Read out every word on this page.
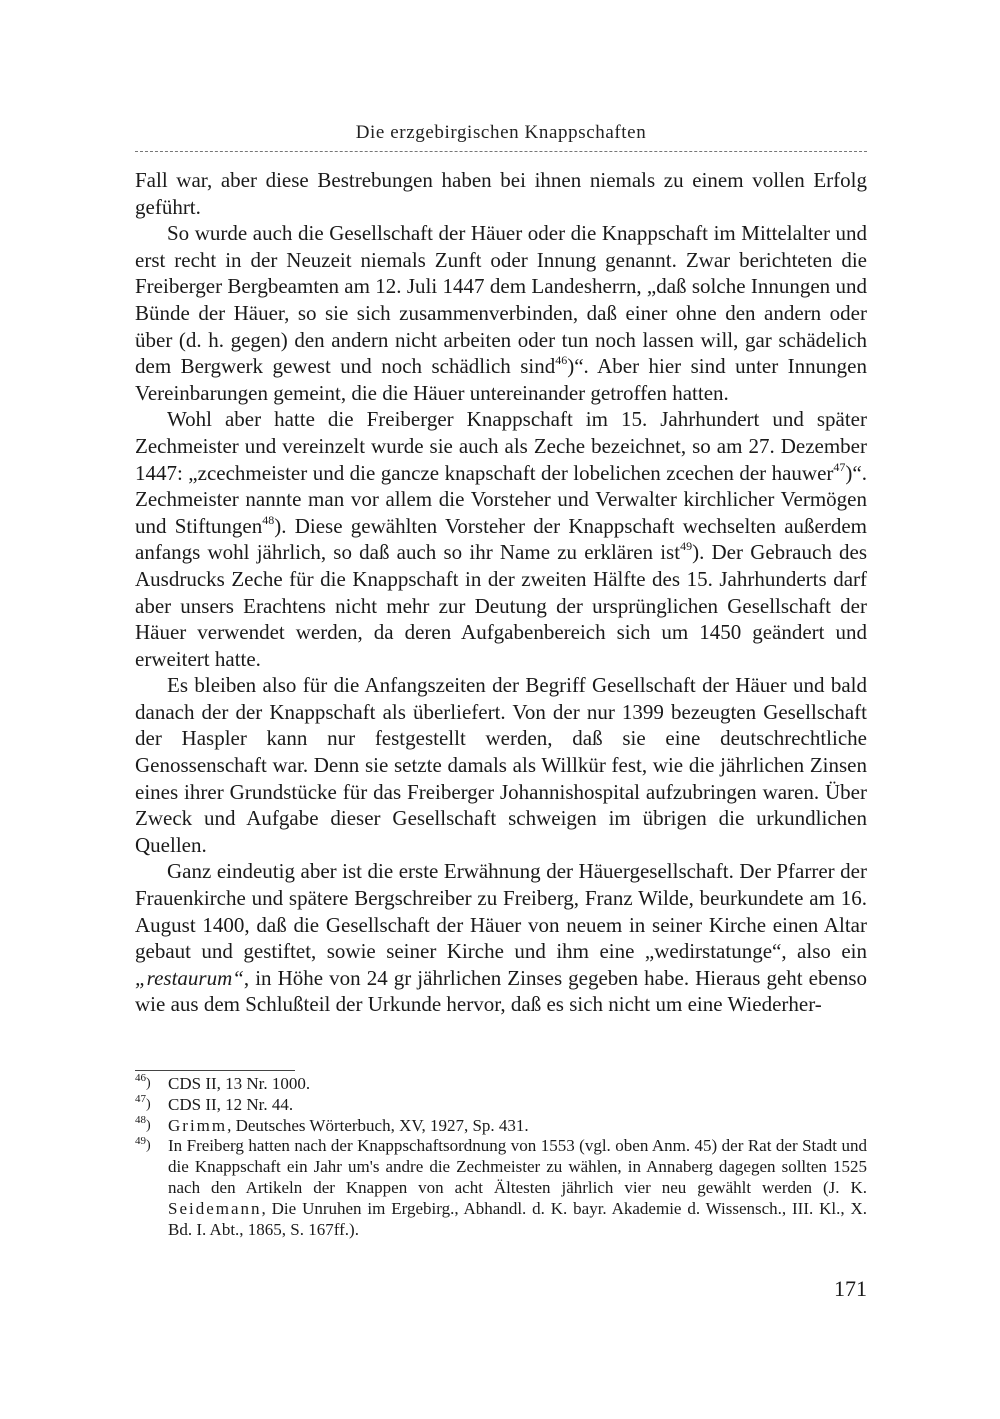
Die erzgebirgischen Knappschaften

Fall war, aber diese Bestrebungen haben bei ihnen niemals zu einem vollen Erfolg geführt.

So wurde auch die Gesellschaft der Häuer oder die Knappschaft im Mittelalter und erst recht in der Neuzeit niemals Zunft oder Innung genannt. Zwar berichteten die Freiberger Bergbeamten am 12. Juli 1447 dem Landesherrn, „daß solche Innungen und Bünde der Häuer, so sie sich zusammenverbinden, daß einer ohne den andern oder über (d. h. gegen) den andern nicht arbeiten oder tun noch lassen will, gar schädelich dem Bergwerk gewest und noch schädlich sind$^{46}$)“. Aber hier sind unter Innungen Vereinbarungen gemeint, die die Häuer untereinander getroffen hatten.

Wohl aber hatte die Freiberger Knappschaft im 15. Jahrhundert und später Zechmeister und vereinzelt wurde sie auch als Zeche bezeichnet, so am 27. Dezember 1447: „zcechmeister und die gancze knapschaft der lobelichen zcechen der hauwer$^{47}$)“. Zechmeister nannte man vor allem die Vorsteher und Verwalter kirchlicher Vermögen und Stiftungen$^{48}$). Diese gewählten Vorsteher der Knappschaft wechselten außerdem anfangs wohl jährlich, so daß auch so ihr Name zu erklären ist$^{49}$). Der Gebrauch des Ausdrucks Zeche für die Knappschaft in der zweiten Hälfte des 15. Jahrhunderts darf aber unsers Erachtens nicht mehr zur Deutung der ursprünglichen Gesellschaft der Häuer verwendet werden, da deren Aufgabenbereich sich um 1450 geändert und erweitert hatte.

Es bleiben also für die Anfangszeiten der Begriff Gesellschaft der Häuer und bald danach der der Knappschaft als überliefert. Von der nur 1399 bezeugten Gesellschaft der Haspler kann nur festgestellt werden, daß sie eine deutschrechtliche Genossenschaft war. Denn sie setzte damals als Willkür fest, wie die jährlichen Zinsen eines ihrer Grundstücke für das Freiberger Johannishospital aufzubringen waren. Über Zweck und Aufgabe dieser Gesellschaft schweigen im übrigen die urkundlichen Quellen.

Ganz eindeutig aber ist die erste Erwähnung der Häuergesellschaft. Der Pfarrer der Frauenkirche und spätere Bergschreiber zu Freiberg, Franz Wilde, beurkundete am 16. August 1400, daß die Gesellschaft der Häuer von neuem in seiner Kirche einen Altar gebaut und gestiftet, sowie seiner Kirche und ihm eine „wedirstatunge“, also ein „restaurum“, in Höhe von 24 gr jährlichen Zinses gegeben habe. Hieraus geht ebenso wie aus dem Schlußteil der Urkunde hervor, daß es sich nicht um eine Wiederher-

$^{46}$) CDS II, 13 Nr. 1000.
$^{47}$) CDS II, 12 Nr. 44.
$^{48}$) Grimm, Deutsches Wörterbuch, XV, 1927, Sp. 431.
$^{49}$) In Freiberg hatten nach der Knappschaftsordnung von 1553 (vgl. oben Anm. 45) der Rat der Stadt und die Knappschaft ein Jahr um's andre die Zechmeister zu wählen, in Annaberg dagegen sollten 1525 nach den Artikeln der Knappen von acht Ältesten jährlich vier neu gewählt werden (J. K. Seidemann, Die Unruhen im Ergebirg., Abhandl. d. K. bayr. Akademie d. Wissensch., III. Kl., X. Bd. I. Abt., 1865, S. 167ff.).
171
